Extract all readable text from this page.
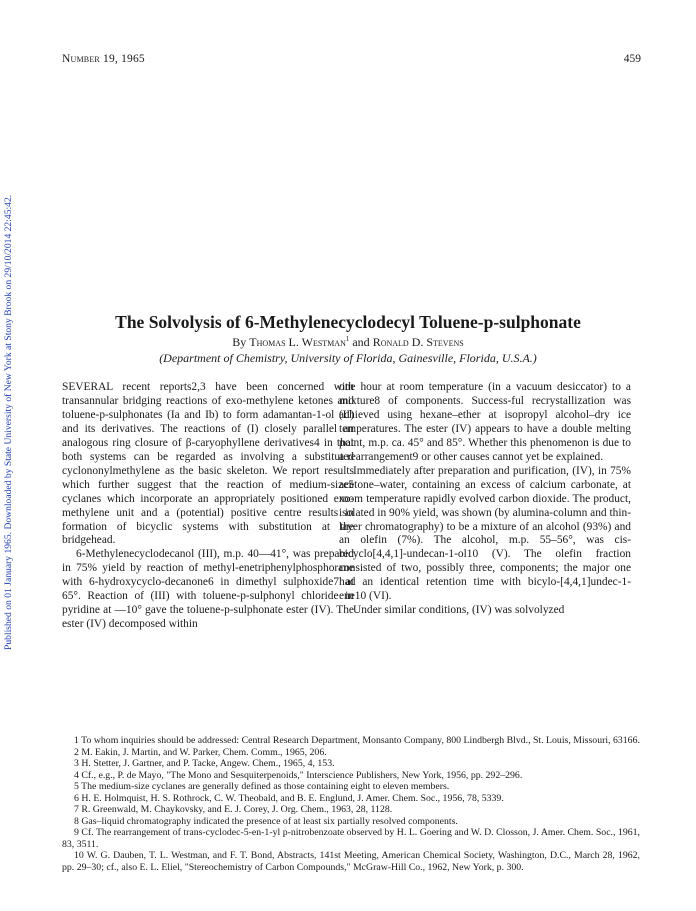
Published on 01 January 1965. Downloaded by State University of New York at Stony Brook on 29/10/2014 22:45:42.
Number 19, 1965	459
The Solvolysis of 6-Methylenecyclodecyl Toluene-p-sulphonate
By Thomas L. Westman$^1$ and Ronald D. Stevens
(Department of Chemistry, University of Florida, Gainesville, Florida, U.S.A.)

SEVERAL recent reports2,3 have been concerned with transannular bridging reactions of exo-methylene ketones and toluene-p-sulphonates (Ia and Ib) to form adamantan-1-ol (II) and its derivatives. The reactions of (I) closely parallel an analogous ring closure of β-caryophyllene derivatives4 in that both systems can be regarded as involving a substituted cyclononylmethylene as the basic skeleton. We report results which further suggest that the reaction of medium-size5 cyclanes which incorporate an appropriately positioned exo-methylene unit and a (potential) positive centre results in formation of bicyclic systems with substitution at the bridgehead.

6-Methylenecyclodecanol (III), m.p. 40—41°, was prepared in 75% yield by reaction of methyl-enetriphenylphosphorane with 6-hydroxycyclo-decanone6 in dimethyl sulphoxide7 at 65°. Reaction of (III) with toluene-p-sulphonyl chloride in pyridine at —10° gave the toluene-p-sulphonate ester (IV). The ester (IV) decomposed within

one hour at room temperature (in a vacuum desiccator) to a mixture8 of components. Success-ful recrystallization was achieved using hexane–ether at isopropyl alcohol–dry ice temperatures. The ester (IV) appears to have a double melting point, m.p. ca. 45° and 85°. Whether this phenomenon is due to a rearrangement9 or other causes cannot yet be explained.

Immediately after preparation and purification, (IV), in 75% acetone–water, containing an excess of calcium carbonate, at room temperature rapidly evolved carbon dioxide. The product, isolated in 90% yield, was shown (by alumina-column and thin-layer chromatography) to be a mixture of an alcohol (93%) and an olefin (7%). The alcohol, m.p. 55–56°, was cis-bicyclo[4,4,1]-undecan-1-ol10 (V). The olefin fraction consisted of two, possibly three, components; the major one had an identical retention time with bicylo-[4,4,1]undec-1-ene10 (VI).

Under similar conditions, (IV) was solvolyzed

1 To whom inquiries should be addressed: Central Research Department, Monsanto Company, 800 Lindbergh Blvd., St. Louis, Missouri, 63166.
2 M. Eakin, J. Martin, and W. Parker, Chem. Comm., 1965, 206.
3 H. Stetter, J. Gartner, and P. Tacke, Angew. Chem., 1965, 4, 153.
4 Cf., e.g., P. de Mayo, "The Mono and Sesquiterpenoids," Interscience Publishers, New York, 1956, pp. 292–296.
5 The medium-size cyclanes are generally defined as those containing eight to eleven members.
6 H. E. Holmquist, H. S. Rothrock, C. W. Theobald, and B. E. Englund, J. Amer. Chem. Soc., 1956, 78, 5339.
7 R. Greenwald, M. Chaykovsky, and E. J. Corey, J. Org. Chem., 1963, 28, 1128.
8 Gas–liquid chromatography indicated the presence of at least six partially resolved components.
9 Cf. The rearrangement of trans-cyclodec-5-en-1-yl p-nitrobenzoate observed by H. L. Goering and W. D. Closson, J. Amer. Chem. Soc., 1961, 83, 3511.
10 W. G. Dauben, T. L. Westman, and F. T. Bond, Abstracts, 141st Meeting, American Chemical Society, Washington, D.C., March 28, 1962, pp. 29–30; cf., also E. L. Eliel, "Stereochemistry of Carbon Compounds," McGraw-Hill Co., 1962, New York, p. 300.
